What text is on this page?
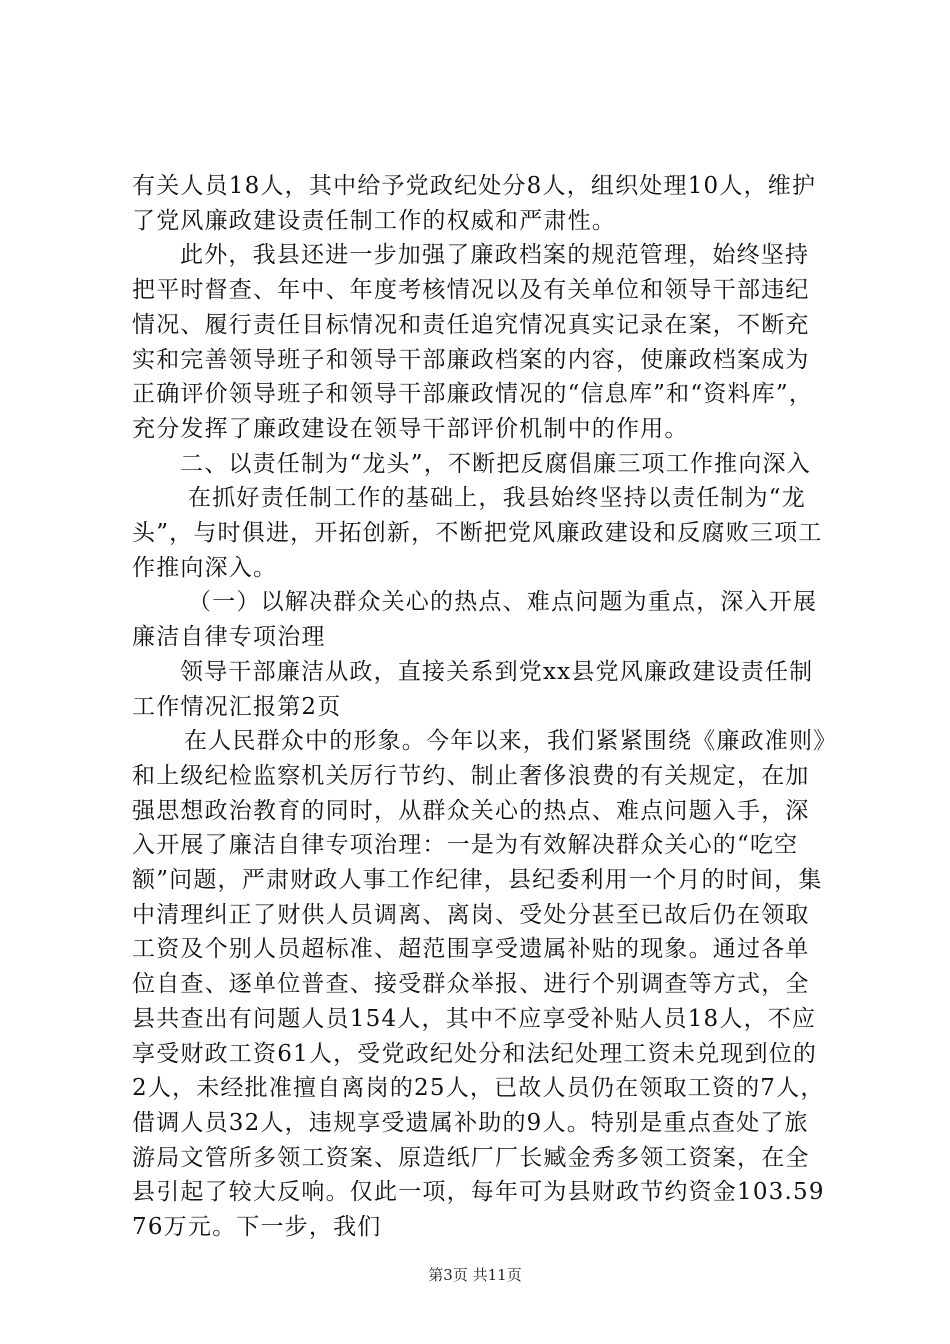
有关人员18人，其中给予党政纪处分8人，组织处理10人，维护了党风廉政建设责任制工作的权威和严肃性。

此外，我县还进一步加强了廉政档案的规范管理，始终坚持把平时督查、年中、年度考核情况以及有关单位和领导干部违纪情况、履行责任目标情况和责任追究情况真实记录在案，不断充实和完善领导班子和领导干部廉政档案的内容，使廉政档案成为正确评价领导班子和领导干部廉政情况的“信息库”和“资料库”，充分发挥了廉政建设在领导干部评价机制中的作用。

二、以责任制为“龙头”，不断把反腐倡廉三项工作推向深入

在抓好责任制工作的基础上，我县始终坚持以责任制为“龙头”，与时俱进，开拓创新，不断把党风廉政建设和反腐败三项工作推向深入。

（一）以解决群众关心的热点、难点问题为重点，深入开展廉洁自律专项治理

领导干部廉洁从政，直接关系到党xx县党风廉政建设责任制工作情况汇报第2页

在人民群众中的形象。今年以来，我们紧紧围绕《廉政准则》和上级纪检监察机关厉行节约、制止奢侈浪费的有关规定，在加强思想政治教育的同时，从群众关心的热点、难点问题入手，深入开展了廉洁自律专项治理：一是为有效解决群众关心的“吃空额”问题，严肃财政人事工作纪律，县纪委利用一个月的时间，集中清理纠正了财供人员调离、离岗、受处分甚至已故后仍在领取工资及个别人员超标准、超范围享受遗属补贴的现象。通过各单位自查、逐单位普查、接受群众举报、进行个别调查等方式，全县共查出有问题人员154人，其中不应享受补贴人员18人，不应享受财政工资61人，受党政纪处分和法纪处理工资未兑现到位的2人，未经批准擅自离岗的25人，已故人员仍在领取工资的7人，借调人员32人，违规享受遗属补助的9人。特别是重点查处了旅游局文管所多领工资案、原造纸厂厂长臧金秀多领工资案，在全县引起了较大反响。仅此一项，每年可为县财政节约资金103.5976万元。下一步，我们

第3页 共11页
